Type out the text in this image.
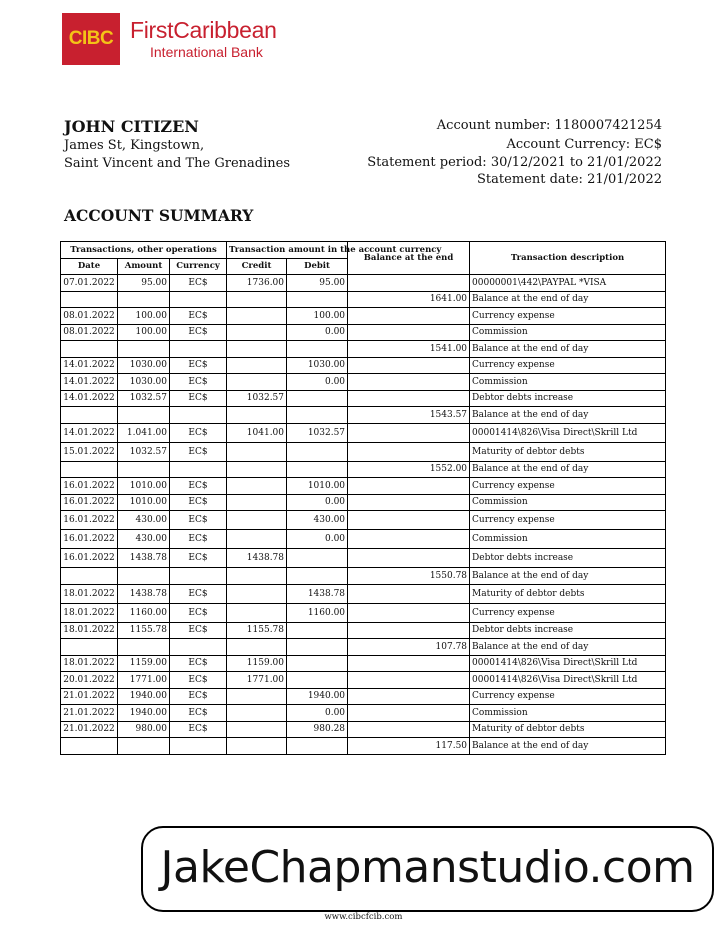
CIBC FirstCaribbean
International Bank
JOHN CITIZEN
James St, Kingstown,
Saint Vincent and The Grenadines
Account number: 1180007421254
Account Currency: EC$
Statement period: 30/12/2021 to 21/01/2022
Statement date: 21/01/2022
ACCOUNT SUMMARY
Transactions, other operations			Transaction amount in the account currency		Balance at the end	Transaction description
Date	Amount	Currency	Credit	Debit		
07.01.2022	95.00	EC$	1736.00	95.00		00000001\442\PAYPAL *VISA
					1641.00	Balance at the end of day
08.01.2022	100.00	EC$		100.00		Currency expense
08.01.2022	100.00	EC$		0.00		Commission
					1541.00	Balance at the end of day
14.01.2022	1030.00	EC$		1030.00		Currency expense
14.01.2022	1030.00	EC$		0.00		Commission
14.01.2022	1032.57	EC$	1032.57			Debtor debts increase
					1543.57	Balance at the end of day
14.01.2022	1.041.00	EC$	1041.00	1032.57		00001414\826\Visa Direct\Skrill Ltd
15.01.2022	1032.57	EC$				Maturity of debtor debts
					1552.00	Balance at the end of day
16.01.2022	1010.00	EC$		1010.00		Currency expense
16.01.2022	1010.00	EC$		0.00		Commission
16.01.2022	430.00	EC$		430.00		Currency expense
16.01.2022	430.00	EC$		0.00		Commission
16.01.2022	1438.78	EC$	1438.78			Debtor debts increase
					1550.78	Balance at the end of day
18.01.2022	1438.78	EC$		1438.78		Maturity of debtor debts
18.01.2022	1160.00	EC$		1160.00		Currency expense
18.01.2022	1155.78	EC$	1155.78			Debtor debts increase
					107.78	Balance at the end of day
18.01.2022	1159.00	EC$	1159.00			00001414\826\Visa Direct\Skrill Ltd
20.01.2022	1771.00	EC$	1771.00			00001414\826\Visa Direct\Skrill Ltd
21.01.2022	1940.00	EC$		1940.00		Currency expense
21.01.2022	1940.00	EC$		0.00		Commission
21.01.2022	980.00	EC$		980.28		Maturity of debtor debts
					117.50	Balance at the end of day
JakeChapmanstudio.com
www.cibcfcib.com
